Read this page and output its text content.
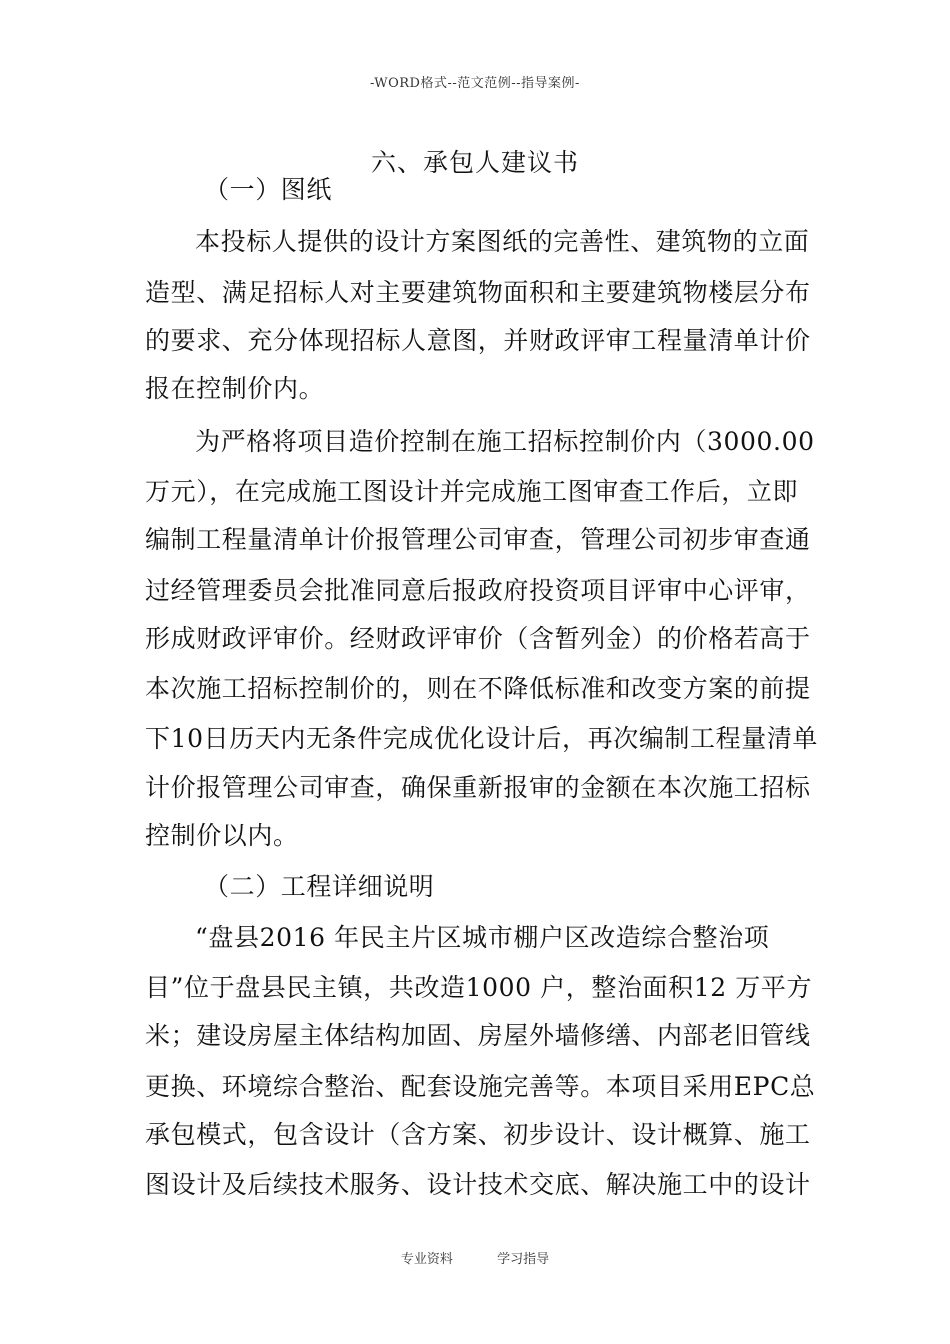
-WORD格式--范文范例--指导案例-
六、承包人建议书
（一）图纸
本投标人提供的设计方案图纸的完善性、建筑物的立面
造型、满足招标人对主要建筑物面积和主要建筑物楼层分布
的要求、充分体现招标人意图，并财政评审工程量清单计价
报在控制价内。
为严格将项目造价控制在施工招标控制价内（3000.00
万元），在完成施工图设计并完成施工图审查工作后，立即
编制工程量清单计价报管理公司审查，管理公司初步审查通
过经管理委员会批准同意后报政府投资项目评审中心评审，
形成财政评审价。经财政评审价（含暂列金）的价格若高于
本次施工招标控制价的，则在不降低标准和改变方案的前提
下10日历天内无条件完成优化设计后，再次编制工程量清单
计价报管理公司审查，确保重新报审的金额在本次施工招标
控制价以内。
（二）工程详细说明
“盘县2016 年民主片区城市棚户区改造综合整治项
目”位于盘县民主镇，共改造1000 户，整治面积12 万平方
米；建设房屋主体结构加固、房屋外墙修缮、内部老旧管线
更换、环境综合整治、配套设施完善等。本项目采用EPC总
承包模式，包含设计（含方案、初步设计、设计概算、施工
图设计及后续技术服务、设计技术交底、解决施工中的设计
专业资料	学习指导
